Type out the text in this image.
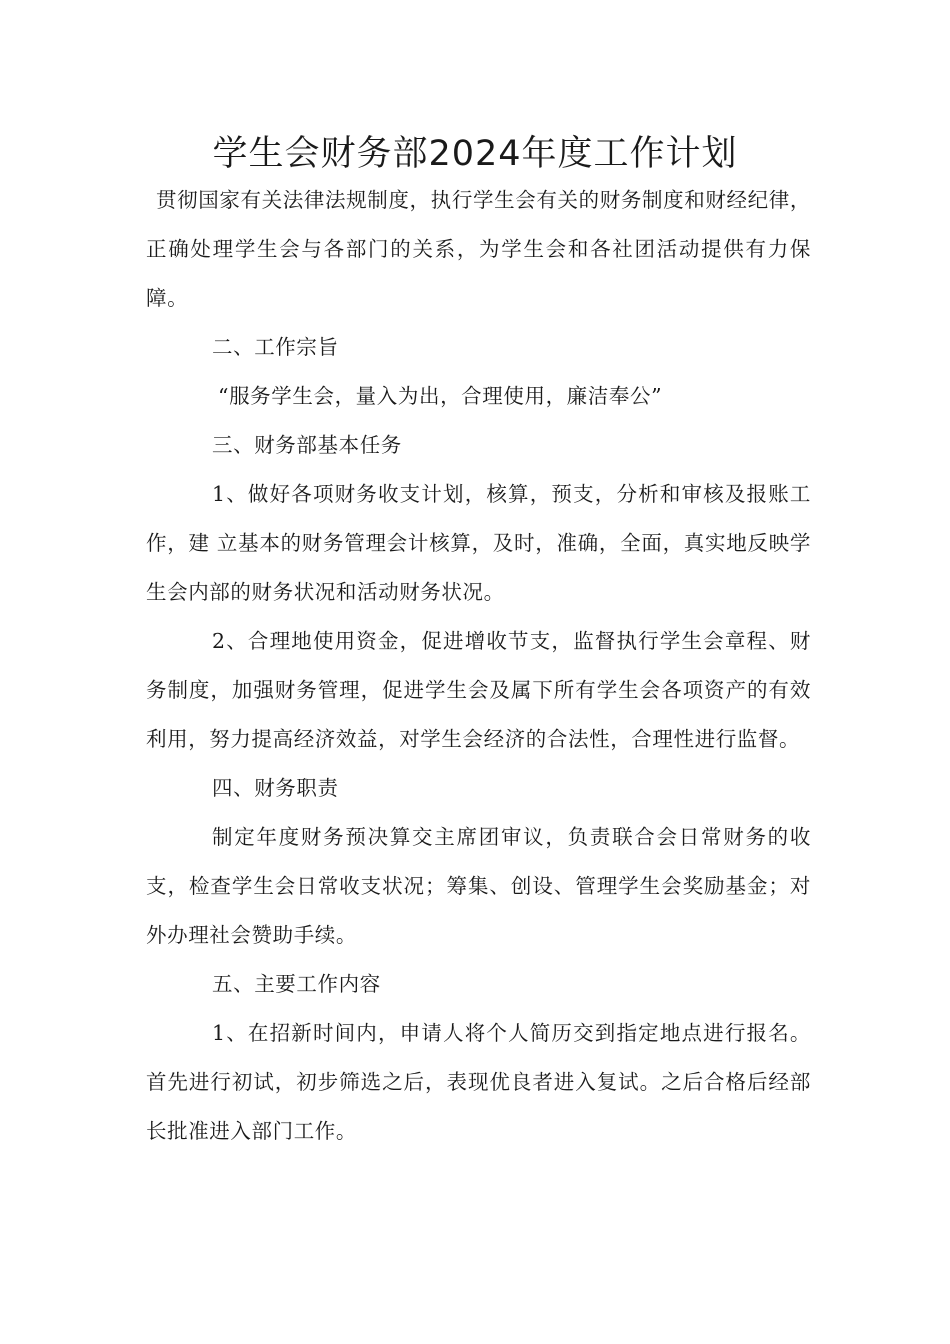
学生会财务部2024年度工作计划

贯彻国家有关法律法规制度，执行学生会有关的财务制度和财经纪律，正确处理学生会与各部门的关系，为学生会和各社团活动提供有力保障。

二、工作宗旨

“服务学生会，量入为出，合理使用，廉洁奉公”

三、财务部基本任务

1、做好各项财务收支计划，核算，预支，分析和审核及报账工作，建 立基本的财务管理会计核算，及时，准确，全面，真实地反映学生会内部的财务状况和活动财务状况。

2、合理地使用资金，促进增收节支，监督执行学生会章程、财务制度，加强财务管理，促进学生会及属下所有学生会各项资产的有效利用，努力提高经济效益，对学生会经济的合法性，合理性进行监督。

四、财务职责

制定年度财务预决算交主席团审议，负责联合会日常财务的收支，检查学生会日常收支状况；筹集、创设、管理学生会奖励基金；对外办理社会赞助手续。

五、主要工作内容

1、在招新时间内，申请人将个人简历交到指定地点进行报名。首先进行初试，初步筛选之后，表现优良者进入复试。之后合格后经部长批准进入部门工作。
